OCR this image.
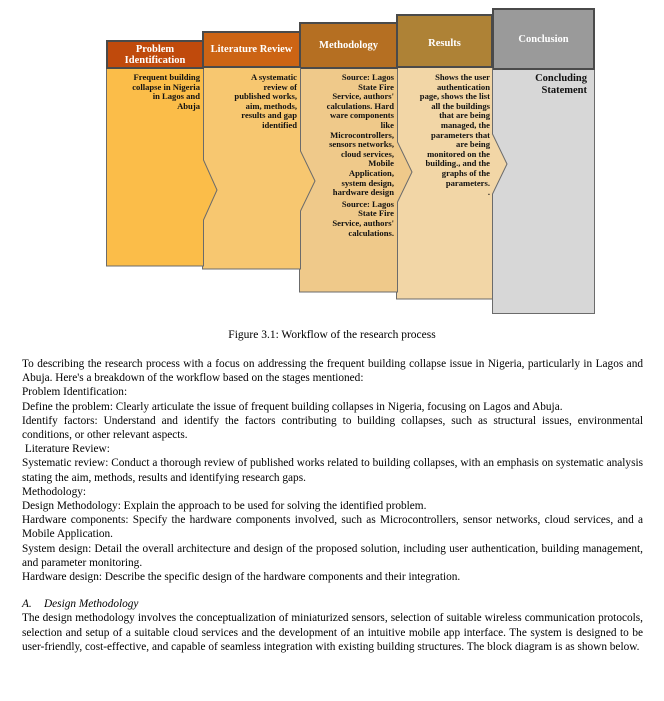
Conclusion
Concluding
Statement
Results
Shows the user
authentication
page, shows the list
all the buildings
that are being
managed, the
parameters that
are being
monitored on the
building., and the
graphs of the
parameters.
.
Methodology
Source: Lagos
State Fire
Service, authors'
calculations. Hard
ware components
like
Microcontrollers,
sensors networks,
cloud services,
Mobile
Application,
system design,
hardware design
Source: Lagos
State Fire
Service, authors'
calculations.
Literature Review
A systematic
review of
published works,
aim, methods,
results and gap
identified
Problem Identification
Frequent building
collapse in Nigeria
in Lagos and
Abuja
Figure 3.1: Workflow of the research process

To describing the research process with a focus on addressing the frequent building collapse issue in Nigeria, particularly in Lagos and Abuja. Here's a breakdown of the workflow based on the stages mentioned:

Problem Identification:

Define the problem: Clearly articulate the issue of frequent building collapses in Nigeria, focusing on Lagos and Abuja.

Identify factors: Understand and identify the factors contributing to building collapses, such as structural issues, environmental conditions, or other relevant aspects.

Literature Review:

Systematic review: Conduct a thorough review of published works related to building collapses, with an emphasis on systematic analysis stating the aim, methods, results and identifying research gaps.

Methodology:

Design Methodology: Explain the approach to be used for solving the identified problem.

Hardware components: Specify the hardware components involved, such as Microcontrollers, sensor networks, cloud services, and a Mobile Application.

System design: Detail the overall architecture and design of the proposed solution, including user authentication, building management, and parameter monitoring.

Hardware design: Describe the specific design of the hardware components and their integration.

A. Design Methodology

The design methodology involves the conceptualization of miniaturized sensors, selection of suitable wireless communication protocols, selection and setup of a suitable cloud services and the development of an intuitive mobile app interface. The system is designed to be user-friendly, cost-effective, and capable of seamless integration with existing building structures. The block diagram is as shown below.
